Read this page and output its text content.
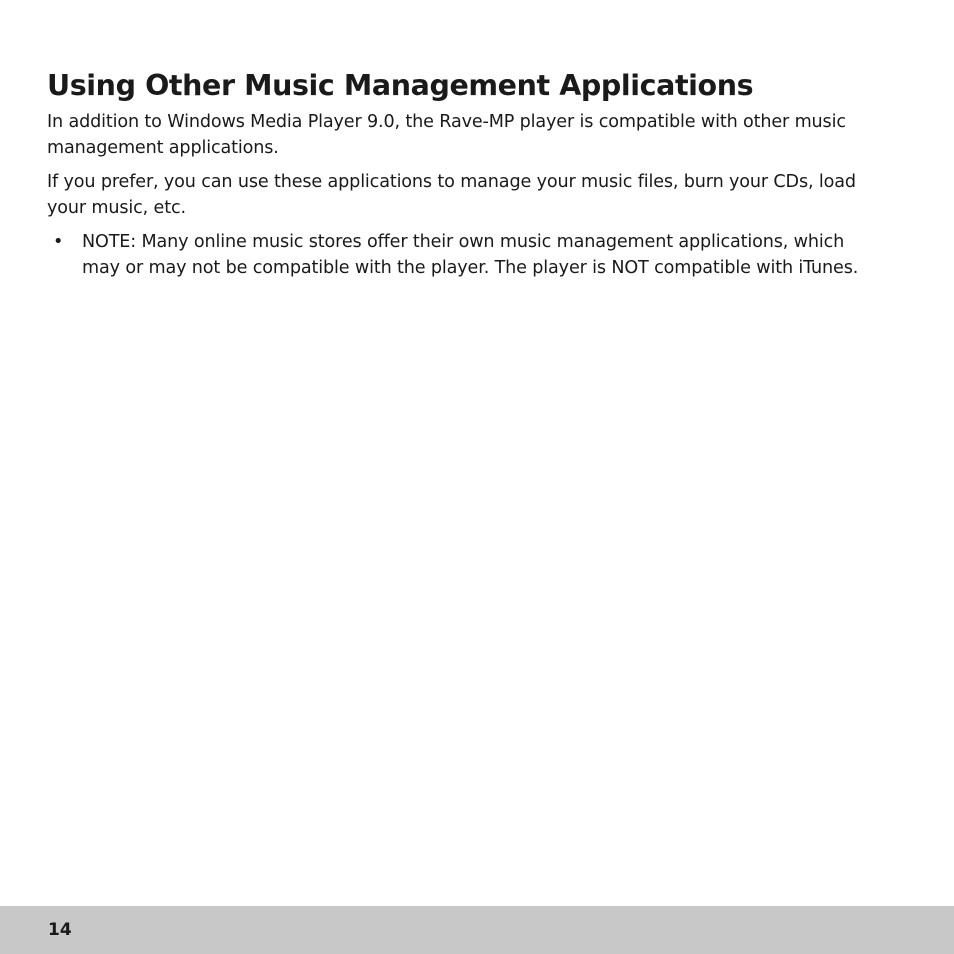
Using Other Music Management Applications

In addition to Windows Media Player 9.0, the Rave-MP player is compatible with other music management applications.

If you prefer, you can use these applications to manage your music files, burn your CDs, load your music, etc.

• NOTE: Many online music stores offer their own music management applications, which may or may not be compatible with the player. The player is NOT compatible with iTunes.
14
